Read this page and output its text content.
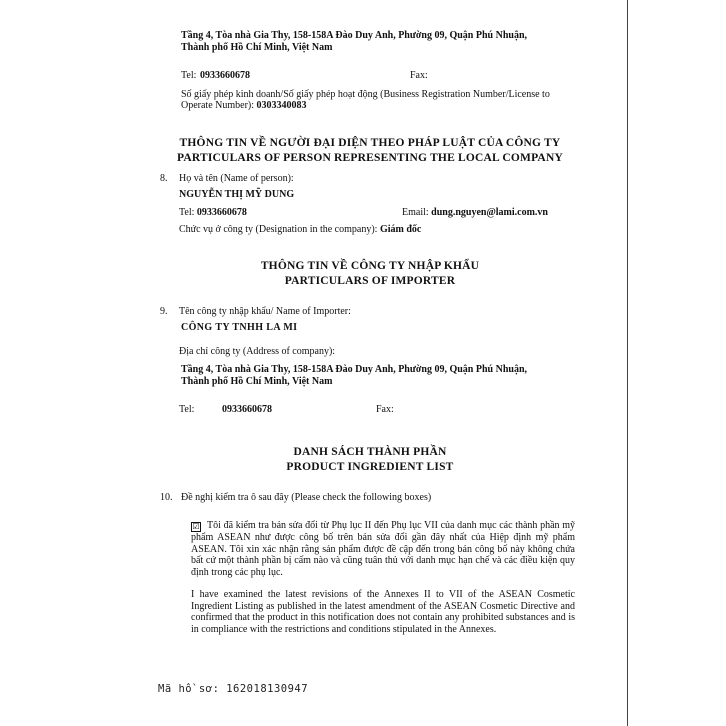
Tầng 4, Tòa nhà Gia Thy, 158-158A Đào Duy Anh, Phường 09, Quận Phú Nhuận,
Thành phố Hồ Chí Minh, Việt Nam
Tel: 0933660678	Fax:
Số giấy phép kinh doanh/Số giấy phép hoạt động (Business Registration Number/License to
Operate Number): 0303340083
THÔNG TIN VỀ NGƯỜI ĐẠI DIỆN THEO PHÁP LUẬT CỦA CÔNG TY
PARTICULARS OF PERSON REPRESENTING THE LOCAL COMPANY
8. Họ và tên (Name of person):
NGUYỄN THỊ MỸ DUNG
Tel: 0933660678	Email: dung.nguyen@lami.com.vn
Chức vụ ở công ty (Designation in the company): Giám đốc
THÔNG TIN VỀ CÔNG TY NHẬP KHẨU
PARTICULARS OF IMPORTER
9. Tên công ty nhập khẩu/ Name of Importer:
CÔNG TY TNHH LA MI
Địa chỉ công ty (Address of company):
Tầng 4, Tòa nhà Gia Thy, 158-158A Đào Duy Anh, Phường 09, Quận Phú Nhuận,
Thành phố Hồ Chí Minh, Việt Nam
Tel:	0933660678	Fax:
DANH SÁCH THÀNH PHẦN
PRODUCT INGREDIENT LIST
10. Đề nghị kiểm tra ô sau đây (Please check the following boxes)
☑ Tôi đã kiểm tra bản sửa đổi từ Phụ lục II đến Phụ lục VII của danh mục các thành phần mỹ phẩm ASEAN như được công bố trên bản sửa đổi gần đây nhất của Hiệp định mỹ phẩm ASEAN. Tôi xin xác nhận rằng sản phẩm được đề cập đến trong bản công bố này không chứa bất cứ một thành phần bị cấm nào và cũng tuân thủ với danh mục hạn chế và các điều kiện quy định trong các phụ lục.
I have examined the latest revisions of the Annexes II to VII of the ASEAN Cosmetic Ingredient Listing as published in the latest amendment of the ASEAN Cosmetic Directive and confirmed that the product in this notification does not contain any prohibited substances and is in compliance with the restrictions and conditions stipulated in the Annexes.
Mã hồ sơ: 162018130947
